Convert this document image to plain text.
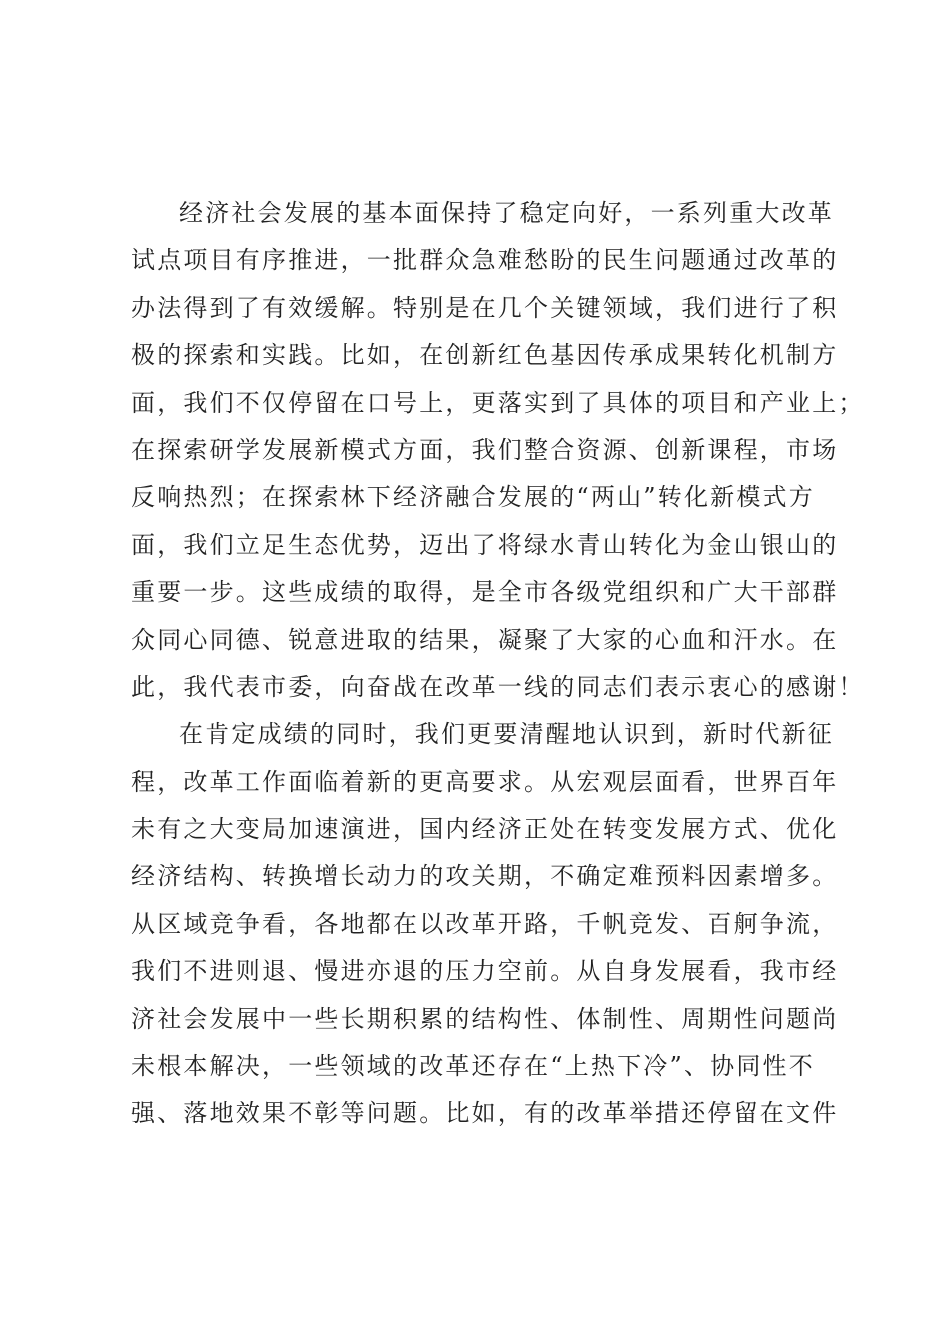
经济社会发展的基本面保持了稳定向好，一系列重大改革
试点项目有序推进，一批群众急难愁盼的民生问题通过改革的
办法得到了有效缓解。特别是在几个关键领域，我们进行了积
极的探索和实践。比如，在创新红色基因传承成果转化机制方
面，我们不仅停留在口号上，更落实到了具体的项目和产业上；
在探索研学发展新模式方面，我们整合资源、创新课程，市场
反响热烈；在探索林下经济融合发展的“两山”转化新模式方
面，我们立足生态优势，迈出了将绿水青山转化为金山银山的
重要一步。这些成绩的取得，是全市各级党组织和广大干部群
众同心同德、锐意进取的结果，凝聚了大家的心血和汗水。在
此，我代表市委，向奋战在改革一线的同志们表示衷心的感谢！
在肯定成绩的同时，我们更要清醒地认识到，新时代新征
程，改革工作面临着新的更高要求。从宏观层面看，世界百年
未有之大变局加速演进，国内经济正处在转变发展方式、优化
经济结构、转换增长动力的攻关期，不确定难预料因素增多。
从区域竞争看，各地都在以改革开路，千帆竞发、百舸争流，
我们不进则退、慢进亦退的压力空前。从自身发展看，我市经
济社会发展中一些长期积累的结构性、体制性、周期性问题尚
未根本解决，一些领域的改革还存在“上热下冷”、协同性不
强、落地效果不彰等问题。比如，有的改革举措还停留在文件
